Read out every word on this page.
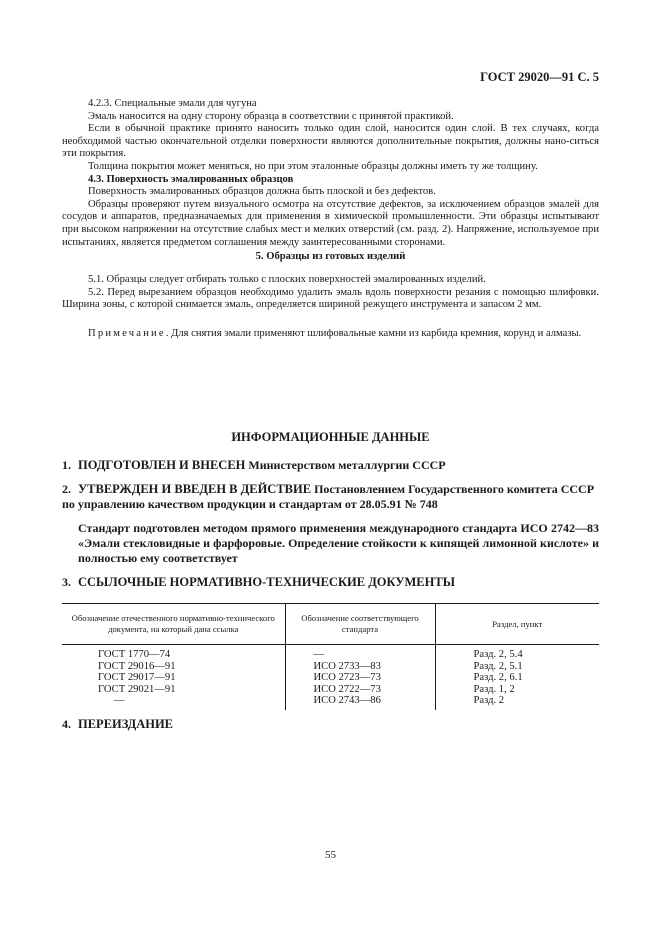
ГОСТ 29020—91 С. 5

4.2.3. Специальные эмали для чугуна

Эмаль наносится на одну сторону образца в соответствии с принятой практикой.

Если в обычной практике принято наносить только один слой, наносится один слой. В тех случаях, когда необходимой частью окончательной отделки поверхности являются дополнительные покрытия, должны нано-ситься эти покрытия.

Толщина покрытия может меняться, но при этом эталонные образцы должны иметь ту же толщину.

4.3. Поверхность эмалированных образцов

Поверхность эмалированных образцов должна быть плоской и без дефектов.

Образцы проверяют путем визуального осмотра на отсутствие дефектов, за исключением образцов эмалей для сосудов и аппаратов, предназначаемых для применения в химической промышленности. Эти образцы испытывают при высоком напряжении на отсутствие слабых мест и мелких отверстий (см. разд. 2). Напряжение, используемое при испытаниях, является предметом соглашения между заинтересованными сторонами.

5. Образцы из готовых изделий

5.1. Образцы следует отбирать только с плоских поверхностей эмалированных изделий.

5.2. Перед вырезанием образцов необходимо удалить эмаль вдоль поверхности резания с помощью шлифовки. Ширина зоны, с которой снимается эмаль, определяется шириной режущего инструмента и запасом 2 мм.

Примечание. Для снятия эмали применяют шлифовальные камни из карбида кремния, корунд и алмазы.
ИНФОРМАЦИОННЫЕ ДАННЫЕ
1. ПОДГОТОВЛЕН И ВНЕСЕН Министерством металлургии СССР
2. УТВЕРЖДЕН И ВВЕДЕН В ДЕЙСТВИЕ Постановлением Государственного комитета СССР по управлению качеством продукции и стандартам от 28.05.91 № 748
Стандарт подготовлен методом прямого применения международного стандарта ИСО 2742—83 «Эмали стекловидные и фарфоровые. Определение стойкости к кипящей лимонной кислоте» и полностью ему соответствует
3. ССЫЛОЧНЫЕ НОРМАТИВНО-ТЕХНИЧЕСКИЕ ДОКУМЕНТЫ
Обозначение отечественного нормативно-технического документа, на который дана ссылка	Обозначение соответствующего стандарта	Раздел, пункт
ГОСТ 1770—74	—	Разд. 2, 5.4
ГОСТ 29016—91	ИСО 2733—83	Разд. 2, 5.1
ГОСТ 29017—91	ИСО 2723—73	Разд. 2, 6.1
ГОСТ 29021—91	ИСО 2722—73	Разд. 1, 2
—	ИСО 2743—86	Разд. 2
4. ПЕРЕИЗДАНИЕ
55
